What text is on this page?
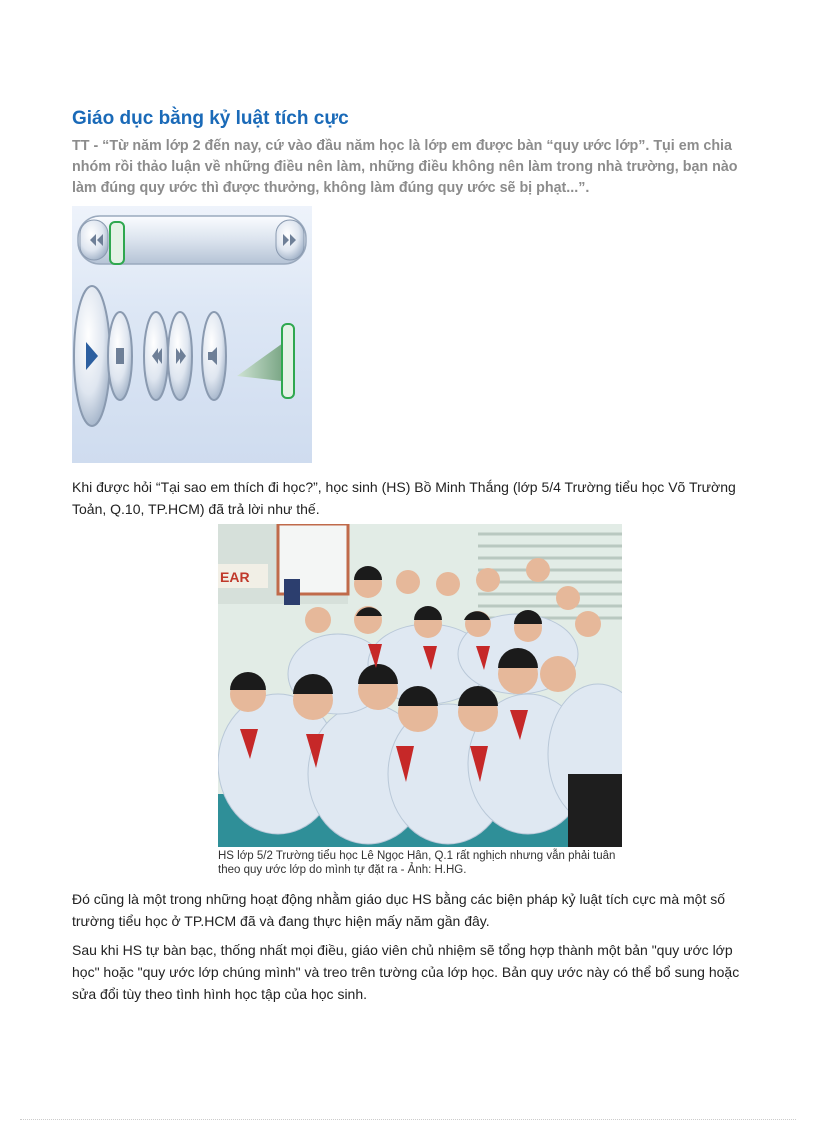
Giáo dục bằng kỷ luật tích cực

TT - “Từ năm lớp 2 đến nay, cứ vào đầu năm học là lớp em được bàn “quy ước lớp”. Tụi em chia nhóm rồi thảo luận về những điều nên làm, những điều không nên làm trong nhà trường, bạn nào làm đúng quy ước thì được thưởng, không làm đúng quy ước sẽ bị phạt...”.

Khi được hỏi “Tại sao em thích đi học?”, học sinh (HS) Bồ Minh Thắng (lớp 5/4 Trường tiểu học Võ Trường Toản, Q.10, TP.HCM) đã trả lời như thế.

EAR

HS lớp 5/2 Trường tiểu học Lê Ngọc Hân, Q.1 rất nghịch nhưng vẫn phải tuân theo quy ước lớp do mình tự đặt ra - Ảnh: H.HG.

Đó cũng là một trong những hoạt động nhằm giáo dục HS bằng các biện pháp kỷ luật tích cực mà một số trường tiểu học ở TP.HCM đã và đang thực hiện mấy năm gần đây.

Sau khi HS tự bàn bạc, thống nhất mọi điều, giáo viên chủ nhiệm sẽ tổng hợp thành một bản "quy ước lớp học" hoặc "quy ước lớp chúng mình" và treo trên tường của lớp học. Bản quy ước này có thể bổ sung hoặc sửa đổi tùy theo tình hình học tập của học sinh.
